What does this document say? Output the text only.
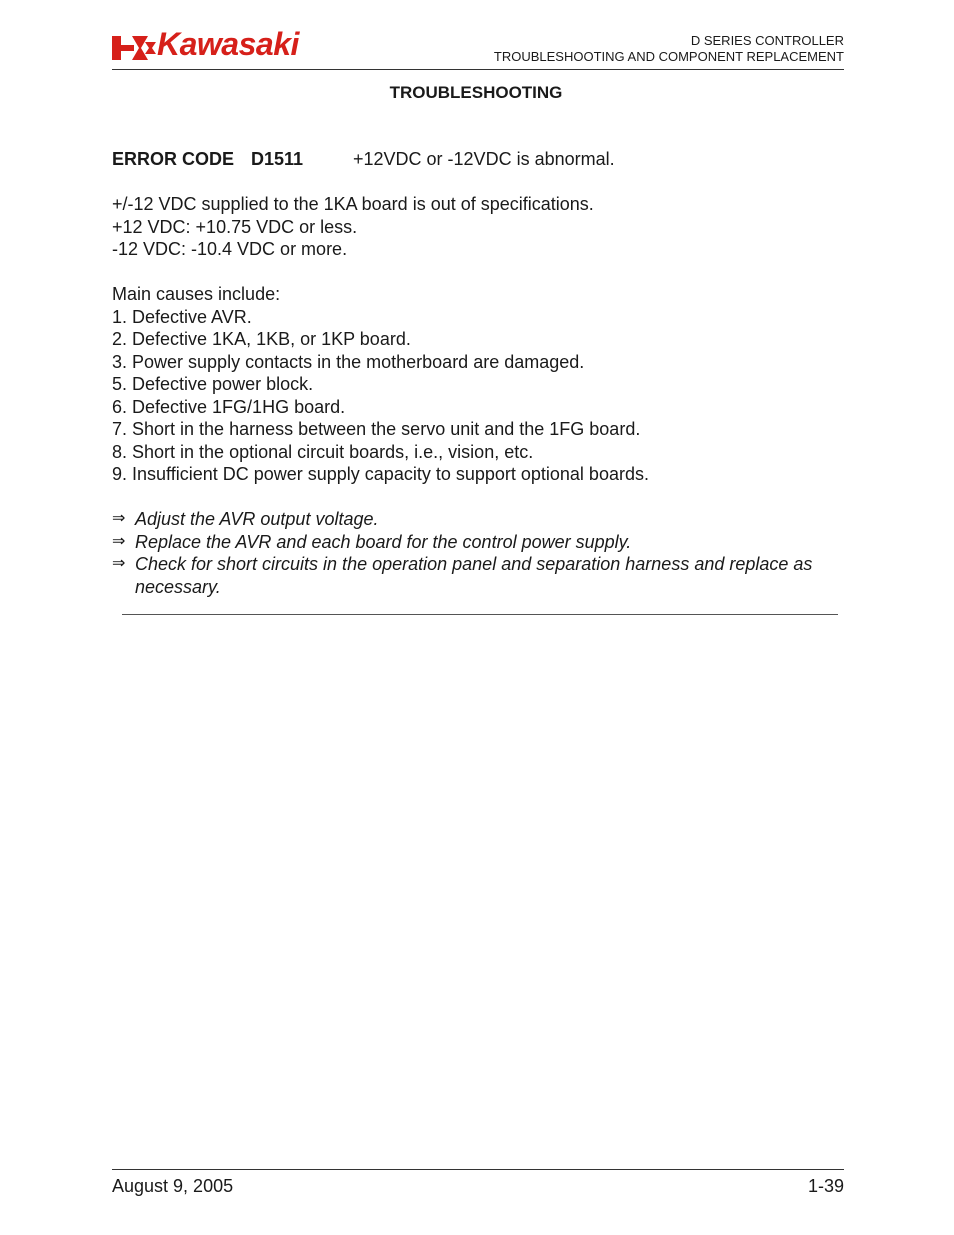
Kawasaki	D SERIES CONTROLLER
TROUBLESHOOTING AND COMPONENT REPLACEMENT
TROUBLESHOOTING
ERROR CODE D1511	+12VDC or -12VDC is abnormal.
+/-12 VDC supplied to the 1KA board is out of specifications.
+12 VDC: +10.75 VDC or less.
-12 VDC: -10.4 VDC or more.
Main causes include:
1. Defective AVR.
2. Defective 1KA, 1KB, or 1KP board.
3. Power supply contacts in the motherboard are damaged.
5. Defective power block.
6. Defective 1FG/1HG board.
7. Short in the harness between the servo unit and the 1FG board.
8. Short in the optional circuit boards, i.e., vision, etc.
9. Insufficient DC power supply capacity to support optional boards.
⇒ Adjust the AVR output voltage.
⇒ Replace the AVR and each board for the control power supply.
⇒ Check for short circuits in the operation panel and separation harness and replace as necessary.
August 9, 2005	1-39
